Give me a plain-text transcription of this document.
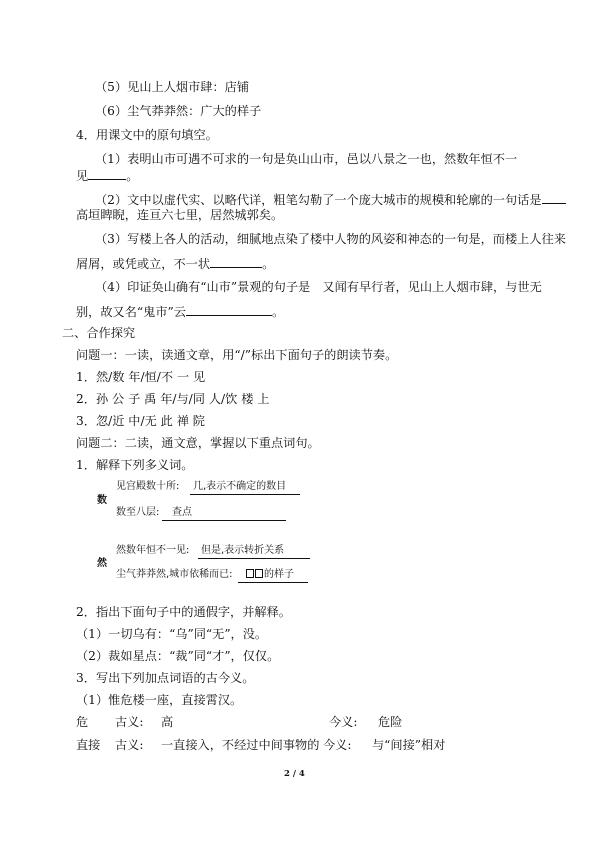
（5）见山上人烟市肆：店铺
（6）尘气莽莽然：广大的样子
4．用课文中的原句填空。
（1）表明山市可遇不可求的一句是奂山山市，邑以八景之一也，然数年恒不一
见	。
（2）文中以虚代实、以略代详，粗笔勾勒了一个庞大城市的规模和轮廓的一句话是
高垣睥睨，连亘六七里，居然城郭矣。
（3）写楼上各人的活动，细腻地点染了楼中人物的风姿和神态的一句是，而楼上人往来
屑屑，或凭或立，不一状	。
（4）印证奂山确有“山市”景观的句子是　又闻有早行者，见山上人烟市肆，与世无
别，故又名“鬼市”云	。
二、合作探究
问题一：一读，读通文章，用“/”标出下面句子的朗读节奏。
1．然/数 年/恒/不 一 见
2．孙 公 子 禹 年/与/同 人/饮 楼 上
3．忽/近 中/无 此 禅 院
问题二：二读，通文意，掌握以下重点词句。
1．解释下列多义词。
数
见宫殿数十所: 几,表示不确定的数目
数至八层: 查点
然
然数年恒不一见: 但是,表示转折关系
尘气莽莽然,城市依稀而已:	的样子
2．指出下面句子中的通假字，并解释。
（1）一切乌有：“乌”同“无”，没。
（2）裁如星点：“裁”同“才”，仅仅。
3．写出下列加点词语的古今义。
（1）惟危楼一座，直接霄汉。
危 古义: 高	今义: 危险
直接 古义: 一直接入，不经过中间事物的 今义: 与“间接”相对
2 / 4
